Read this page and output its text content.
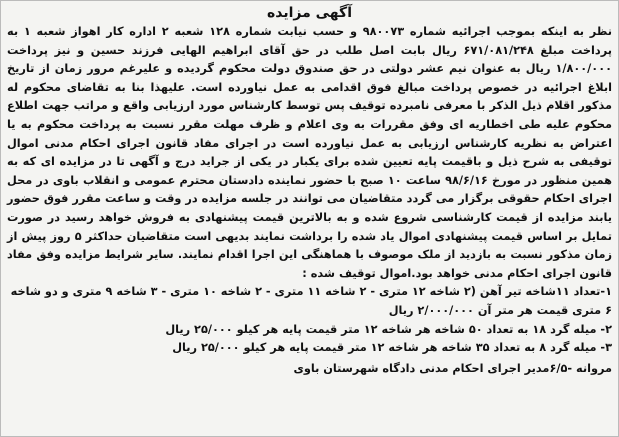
آگهی مزایده

نظر به اینکه بموجب اجرائیه شماره ۹۸۰۰۷۳ و حسب نیابت شماره ۱۲۸ شعبه ۲ اداره کار اهواز شعبه ۱ به پرداخت مبلغ ۶۷۱/۰۸۱/۲۴۸ ریال بابت اصل طلب در حق آقای ابراهیم الهایی فرزند حسین و نیز پرداخت ۱/۸۰۰/۰۰۰ ریال به عنوان نیم عشر دولتی در حق صندوق دولت محکوم گردیده و علیرغم مرور زمان از تاریخ ابلاغ اجرائیه در خصوص پرداخت مبالغ فوق اقدامی به عمل نیاورده است. علیهذا بنا به تقاضای محکوم له مذکور اقلام ذیل الذکر با معرفی نامبرده توقیف پس توسط کارشناس مورد ارزیابی واقع و مراتب جهت اطلاع محکوم علیه طی اخطاریه ای وفق مقررات به وی اعلام و ظرف مهلت مقرر نسبت به پرداخت محکوم به یا اعتراض به نظریه کارشناس ارزیابی به عمل نیاورده است در اجرای مفاد قانون اجرای احکام مدنی اموال توقیفی به شرح ذیل و باقیمت پایه تعیین شده برای یکبار در یکی از جراید درج و آگهی تا در مزایده ای که به همین منظور در مورخ ۹۸/۶/۱۶ ساعت ۱۰ صبح با حضور نماینده دادستان محترم عمومی و انقلاب باوی در محل اجرای احکام حقوقی برگزار می گردد متقاضیان می توانند در جلسه مزایده در وقت و ساعت مقرر فوق حضور یابند مزایده از قیمت کارشناسی شروع شده و به بالاترین قیمت پیشنهادی به فروش خواهد رسید در صورت تمایل بر اساس قیمت پیشنهادی اموال یاد شده را برداشت نمایند بدیهی است متقاضیان حداکثر ۵ روز پیش از زمان مذکور نسبت به بازدید از ملک موصوف با هماهنگی این اجرا اقدام نمایند. سایر شرایط مزایده وفق مفاد قانون اجرای احکام مدنی خواهد بود.اموال توقیف شده :

۱-تعداد ۱۱شاخه تیر آهن (۲ شاخه ۱۲ متری - ۲ شاخه ۱۱ متری - ۲ شاخه ۱۰ متری - ۳ شاخه ۹ متری و دو شاخه ۶ متری قیمت هر متر آن ۲/۰۰۰/۰۰۰ ریال

۲- میله گرد ۱۸ به تعداد ۵۰ شاخه هر شاخه ۱۲ متر قیمت پایه هر کیلو ۲۵/۰۰۰ ریال

۳- میله گرد ۸ به تعداد ۳۵ شاخه هر شاخه ۱۲ متر قیمت پایه هر کیلو ۲۵/۰۰۰ ریال

مروانه -۶/۵مدیر اجرای احکام مدنی دادگاه شهرستان باوی
